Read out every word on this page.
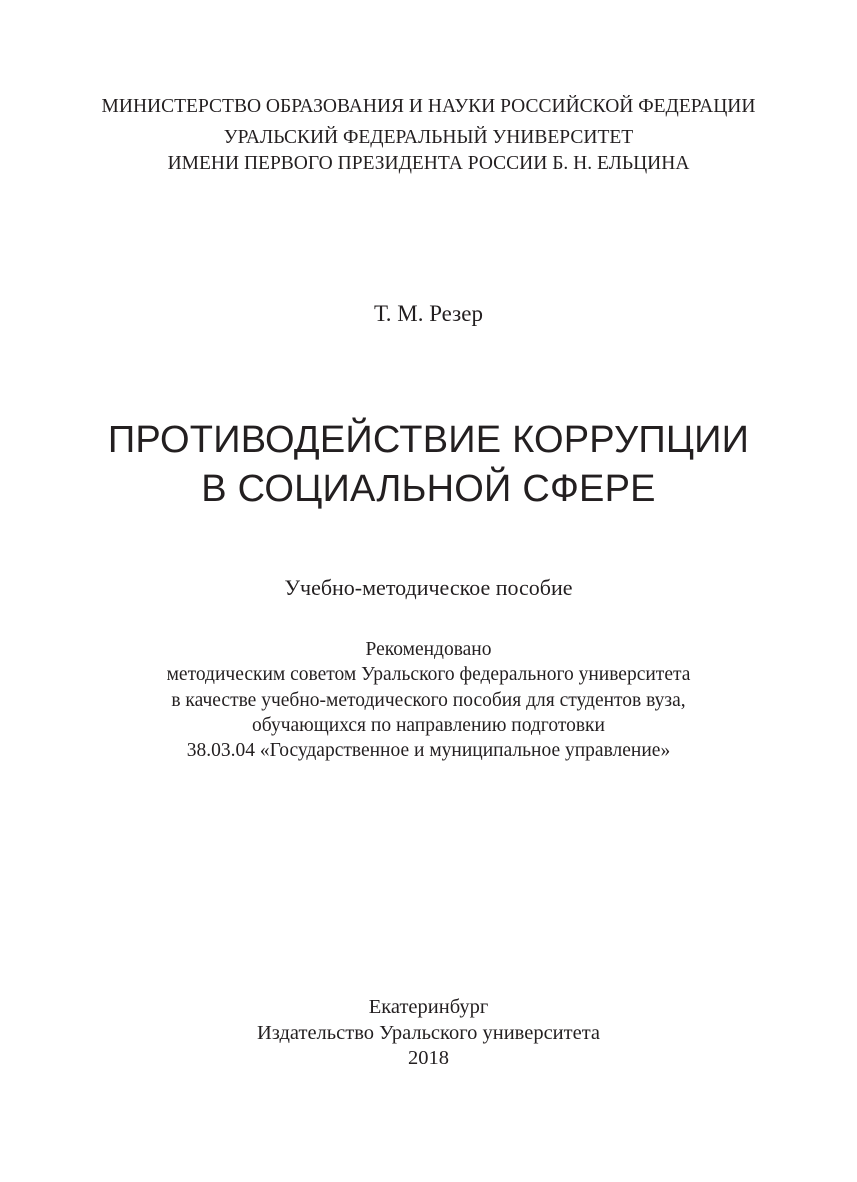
МИНИСТЕРСТВО ОБРАЗОВАНИЯ И НАУКИ РОССИЙСКОЙ ФЕДЕРАЦИИ

УРАЛЬСКИЙ ФЕДЕРАЛЬНЫЙ УНИВЕРСИТЕТ

ИМЕНИ ПЕРВОГО ПРЕЗИДЕНТА РОССИИ Б. Н. ЕЛЬЦИНА

Т. М. Резер

ПРОТИВОДЕЙСТВИЕ КОРРУПЦИИ
В СОЦИАЛЬНОЙ СФЕРЕ

Учебно-методическое пособие

Рекомендовано

методическим советом Уральского федерального университета

в качестве учебно-методического пособия для студентов вуза,

обучающихся по направлению подготовки

38.03.04 «Государственное и муниципальное управление»

Екатеринбург

Издательство Уральского университета

2018
